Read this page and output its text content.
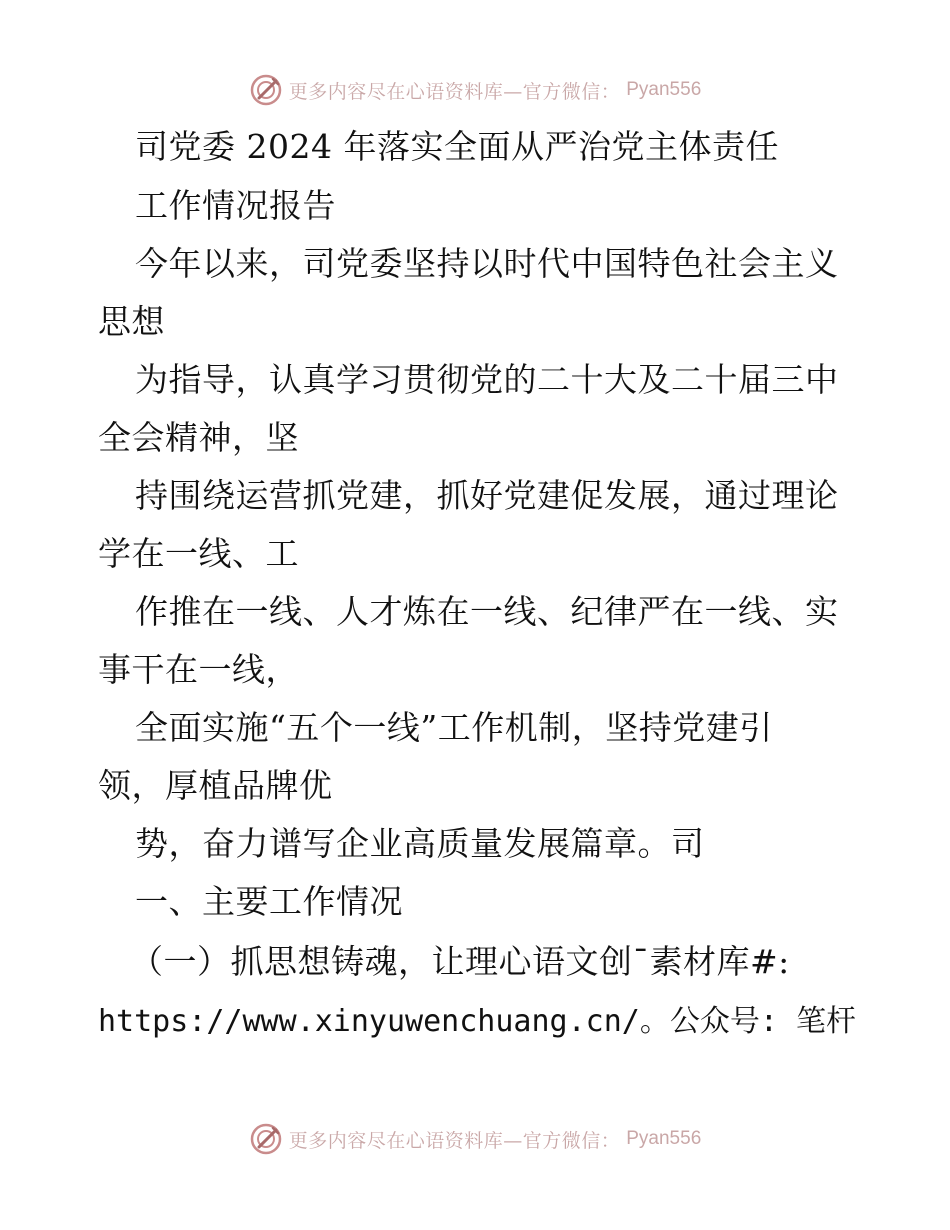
更多内容尽在心语资料库—官方微信： Pyan556
司党委 2024 年落实全面从严治党主体责任
工作情况报告
今年以来，司党委坚持以时代中国特色社会主义
思想
为指导，认真学习贯彻党的二十大及二十届三中
全会精神，坚
持围绕运营抓党建，抓好党建促发展，通过理论
学在一线、工
作推在一线、人才炼在一线、纪律严在一线、实
事干在一线，
全面实施“五个一线”工作机制，坚持党建引
领，厚植品牌优
势，奋力谱写企业高质量发展篇章。司
一、主要工作情况
（一）抓思想铸魂，让理心语文创¯素材库#:
https://www.xinyuwenchuang.cn/。公众号: 笔杆
更多内容尽在心语资料库—官方微信： Pyan556
